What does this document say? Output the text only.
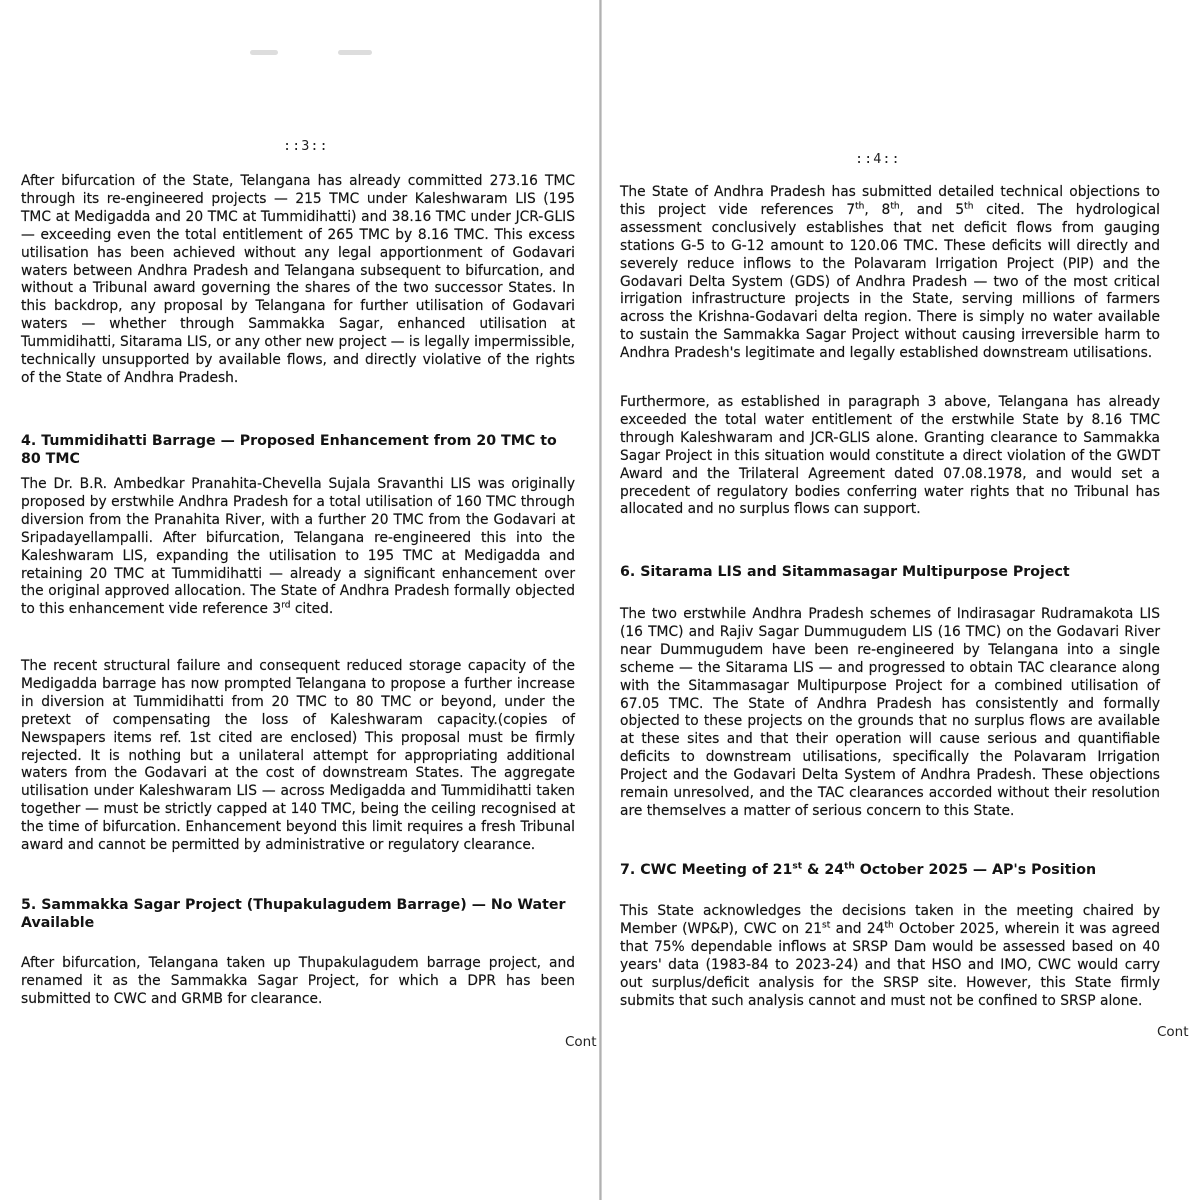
::3::

After bifurcation of the State, Telangana has already committed 273.16 TMC through its re-engineered projects — 215 TMC under Kaleshwaram LIS (195 TMC at Medigadda and 20 TMC at Tummidihatti) and 38.16 TMC under JCR-GLIS — exceeding even the total entitlement of 265 TMC by 8.16 TMC. This excess utilisation has been achieved without any legal apportionment of Godavari waters between Andhra Pradesh and Telangana subsequent to bifurcation, and without a Tribunal award governing the shares of the two successor States. In this backdrop, any proposal by Telangana for further utilisation of Godavari waters — whether through Sammakka Sagar, enhanced utilisation at Tummidihatti, Sitarama LIS, or any other new project — is legally impermissible, technically unsupported by available flows, and directly violative of the rights of the State of Andhra Pradesh.

4. Tummidihatti Barrage — Proposed Enhancement from 20 TMC to 80 TMC

The Dr. B.R. Ambedkar Pranahita-Chevella Sujala Sravanthi LIS was originally proposed by erstwhile Andhra Pradesh for a total utilisation of 160 TMC through diversion from the Pranahita River, with a further 20 TMC from the Godavari at Sripadayellampalli. After bifurcation, Telangana re-engineered this into the Kaleshwaram LIS, expanding the utilisation to 195 TMC at Medigadda and retaining 20 TMC at Tummidihatti — already a significant enhancement over the original approved allocation. The State of Andhra Pradesh formally objected to this enhancement vide reference 3rd cited.

The recent structural failure and consequent reduced storage capacity of the Medigadda barrage has now prompted Telangana to propose a further increase in diversion at Tummidihatti from 20 TMC to 80 TMC or beyond, under the pretext of compensating the loss of Kaleshwaram capacity.(copies of Newspapers items ref. 1st cited are enclosed) This proposal must be firmly rejected. It is nothing but a unilateral attempt for appropriating additional waters from the Godavari at the cost of downstream States. The aggregate utilisation under Kaleshwaram LIS — across Medigadda and Tummidihatti taken together — must be strictly capped at 140 TMC, being the ceiling recognised at the time of bifurcation. Enhancement beyond this limit requires a fresh Tribunal award and cannot be permitted by administrative or regulatory clearance.

5. Sammakka Sagar Project (Thupakulagudem Barrage) — No Water Available

After bifurcation, Telangana taken up Thupakulagudem barrage project, and renamed it as the Sammakka Sagar Project, for which a DPR has been submitted to CWC and GRMB for clearance.

Cont
::4::

The State of Andhra Pradesh has submitted detailed technical objections to this project vide references 7th, 8th, and 5th cited. The hydrological assessment conclusively establishes that net deficit flows from gauging stations G-5 to G-12 amount to 120.06 TMC. These deficits will directly and severely reduce inflows to the Polavaram Irrigation Project (PIP) and the Godavari Delta System (GDS) of Andhra Pradesh — two of the most critical irrigation infrastructure projects in the State, serving millions of farmers across the Krishna-Godavari delta region. There is simply no water available to sustain the Sammakka Sagar Project without causing irreversible harm to Andhra Pradesh's legitimate and legally established downstream utilisations.

Furthermore, as established in paragraph 3 above, Telangana has already exceeded the total water entitlement of the erstwhile State by 8.16 TMC through Kaleshwaram and JCR-GLIS alone. Granting clearance to Sammakka Sagar Project in this situation would constitute a direct violation of the GWDT Award and the Trilateral Agreement dated 07.08.1978, and would set a precedent of regulatory bodies conferring water rights that no Tribunal has allocated and no surplus flows can support.

6. Sitarama LIS and Sitammasagar Multipurpose Project

The two erstwhile Andhra Pradesh schemes of Indirasagar Rudramakota LIS (16 TMC) and Rajiv Sagar Dummugudem LIS (16 TMC) on the Godavari River near Dummugudem have been re-engineered by Telangana into a single scheme — the Sitarama LIS — and progressed to obtain TAC clearance along with the Sitammasagar Multipurpose Project for a combined utilisation of 67.05 TMC. The State of Andhra Pradesh has consistently and formally objected to these projects on the grounds that no surplus flows are available at these sites and that their operation will cause serious and quantifiable deficits to downstream utilisations, specifically the Polavaram Irrigation Project and the Godavari Delta System of Andhra Pradesh. These objections remain unresolved, and the TAC clearances accorded without their resolution are themselves a matter of serious concern to this State.

7. CWC Meeting of 21st & 24th October 2025 — AP's Position

This State acknowledges the decisions taken in the meeting chaired by Member (WP&P), CWC on 21st and 24th October 2025, wherein it was agreed that 75% dependable inflows at SRSP Dam would be assessed based on 40 years' data (1983-84 to 2023-24) and that HSO and IMO, CWC would carry out surplus/deficit analysis for the SRSP site. However, this State firmly submits that such analysis cannot and must not be confined to SRSP alone.

Cont
